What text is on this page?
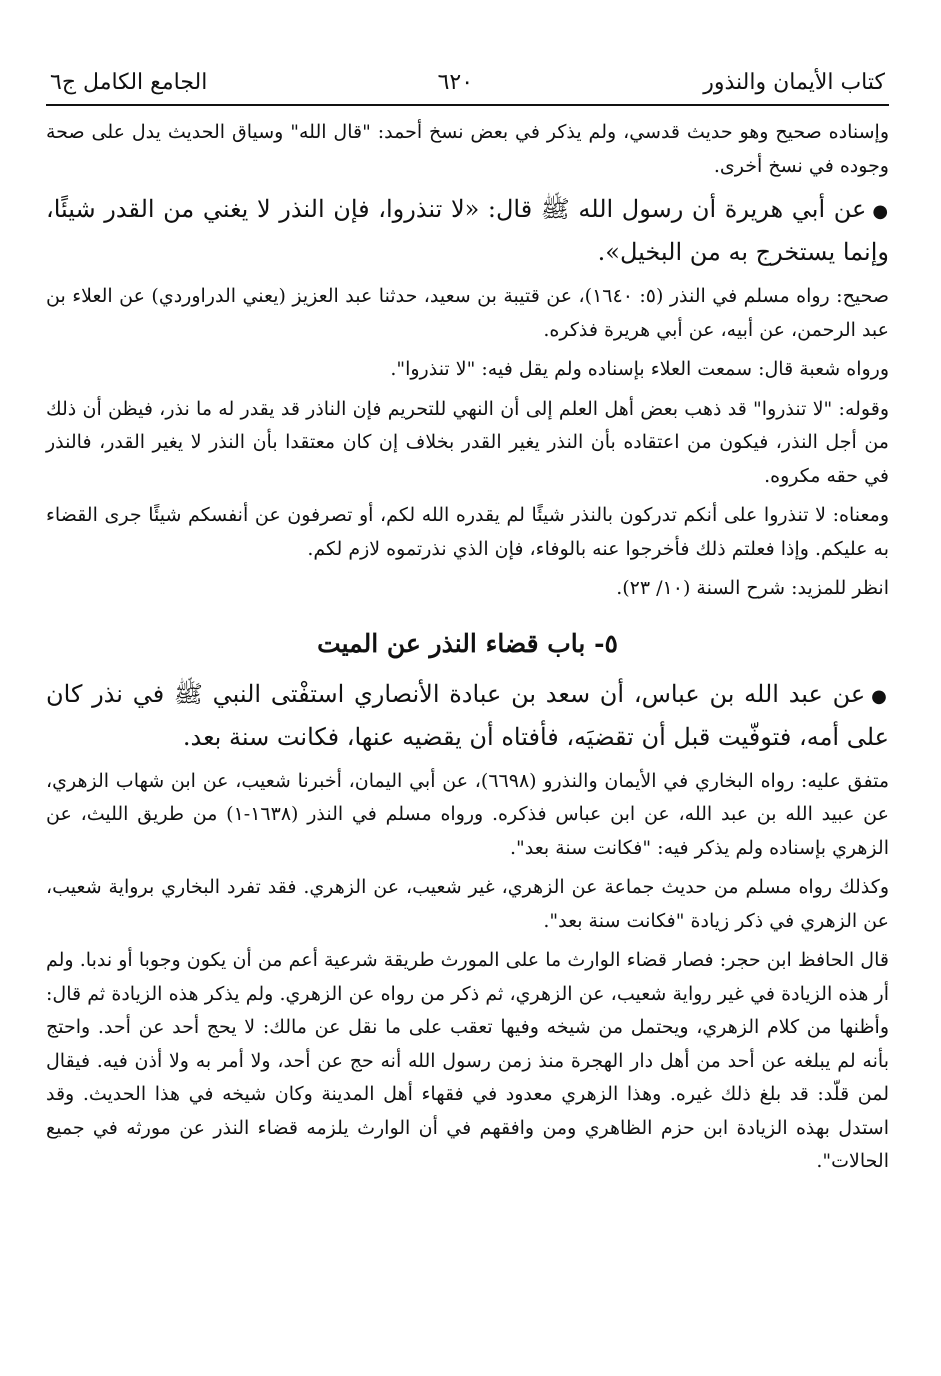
كتاب الأيمان والنذور
٦٢٠
الجامع الكامل ج٦

وإسناده صحيح وهو حديث قدسي، ولم يذكر في بعض نسخ أحمد: "قال الله" وسياق الحديث يدل على صحة وجوده في نسخ أخرى.

●عن أبي هريرة أن رسول الله ﷺ قال: «لا تنذروا، فإن النذر لا يغني من القدر شيئًا، وإنما يستخرج به من البخيل».

صحيح: رواه مسلم في النذر (٥: ١٦٤٠)، عن قتيبة بن سعيد، حدثنا عبد العزيز (يعني الدراوردي) عن العلاء بن عبد الرحمن، عن أبيه، عن أبي هريرة فذكره.

ورواه شعبة قال: سمعت العلاء بإسناده ولم يقل فيه: "لا تنذروا".

وقوله: "لا تنذروا" قد ذهب بعض أهل العلم إلى أن النهي للتحريم فإن الناذر قد يقدر له ما نذر، فيظن أن ذلك من أجل النذر، فيكون من اعتقاده بأن النذر يغير القدر بخلاف إن كان معتقدا بأن النذر لا يغير القدر، فالنذر في حقه مكروه.

ومعناه: لا تنذروا على أنكم تدركون بالنذر شيئًا لم يقدره الله لكم، أو تصرفون عن أنفسكم شيئًا جرى القضاء به عليكم. وإذا فعلتم ذلك فأخرجوا عنه بالوفاء، فإن الذي نذرتموه لازم لكم.

انظر للمزيد: شرح السنة (١٠/ ٢٣).

٥- باب قضاء النذر عن الميت

●عن عبد الله بن عباس، أن سعد بن عبادة الأنصاري استفْتى النبي ﷺ في نذر كان على أمه، فتوفّيت قبل أن تقضيَه، فأفتاه أن يقضيه عنها، فكانت سنة بعد.

متفق عليه: رواه البخاري في الأيمان والنذرو (٦٦٩٨)، عن أبي اليمان، أخبرنا شعيب، عن ابن شهاب الزهري، عن عبيد الله بن عبد الله، عن ابن عباس فذكره. ورواه مسلم في النذر (١٦٣٨-١) من طريق الليث، عن الزهري بإسناده ولم يذكر فيه: "فكانت سنة بعد".

وكذلك رواه مسلم من حديث جماعة عن الزهري، غير شعيب، عن الزهري. فقد تفرد البخاري برواية شعيب، عن الزهري في ذكر زيادة "فكانت سنة بعد".

قال الحافظ ابن حجر: فصار قضاء الوارث ما على المورث طريقة شرعية أعم من أن يكون وجوبا أو ندبا. ولم أر هذه الزيادة في غير رواية شعيب، عن الزهري، ثم ذكر من رواه عن الزهري. ولم يذكر هذه الزيادة ثم قال: وأظنها من كلام الزهري، ويحتمل من شيخه وفيها تعقب على ما نقل عن مالك: لا يحج أحد عن أحد. واحتج بأنه لم يبلغه عن أحد من أهل دار الهجرة منذ زمن رسول الله أنه حج عن أحد، ولا أمر به ولا أذن فيه. فيقال لمن قلّد: قد بلغ ذلك غيره. وهذا الزهري معدود في فقهاء أهل المدينة وكان شيخه في هذا الحديث. وقد استدل بهذه الزيادة ابن حزم الظاهري ومن وافقهم في أن الوارث يلزمه قضاء النذر عن مورثه في جميع الحالات".
